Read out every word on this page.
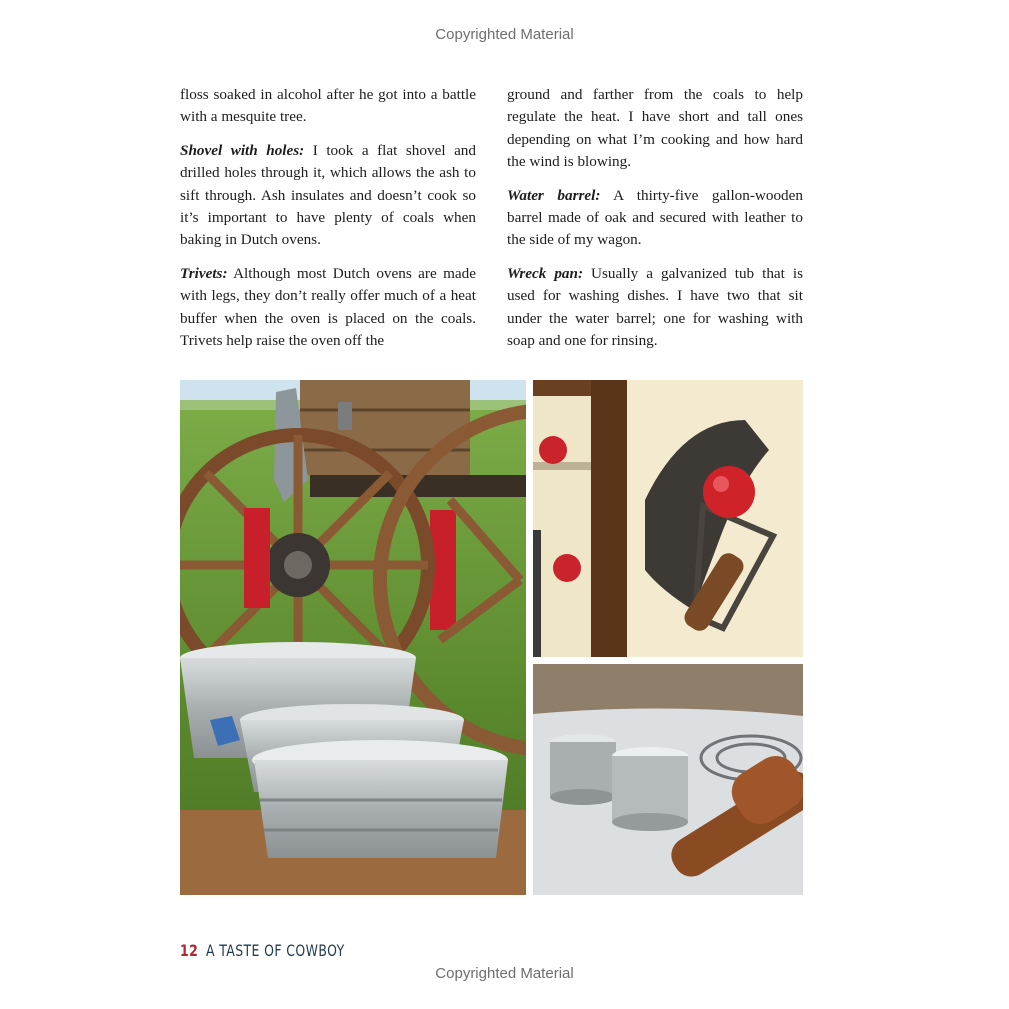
Copyrighted Material

floss soaked in alcohol after he got into a battle with a mesquite tree.

Shovel with holes: I took a flat shovel and drilled holes through it, which allows the ash to sift through. Ash insulates and doesn’t cook so it’s important to have plenty of coals when baking in Dutch ovens.

Trivets: Although most Dutch ovens are made with legs, they don’t really offer much of a heat buffer when the oven is placed on the coals. Trivets help raise the oven off the

ground and farther from the coals to help regulate the heat. I have short and tall ones depending on what I’m cooking and how hard the wind is blowing.

Water barrel: A thirty-five gallon-wooden barrel made of oak and secured with leather to the side of my wagon.

Wreck pan: Usually a galvanized tub that is used for washing dishes. I have two that sit under the water barrel; one for washing with soap and one for rinsing.

12 A TASTE OF COWBOY
Copyrighted Material
